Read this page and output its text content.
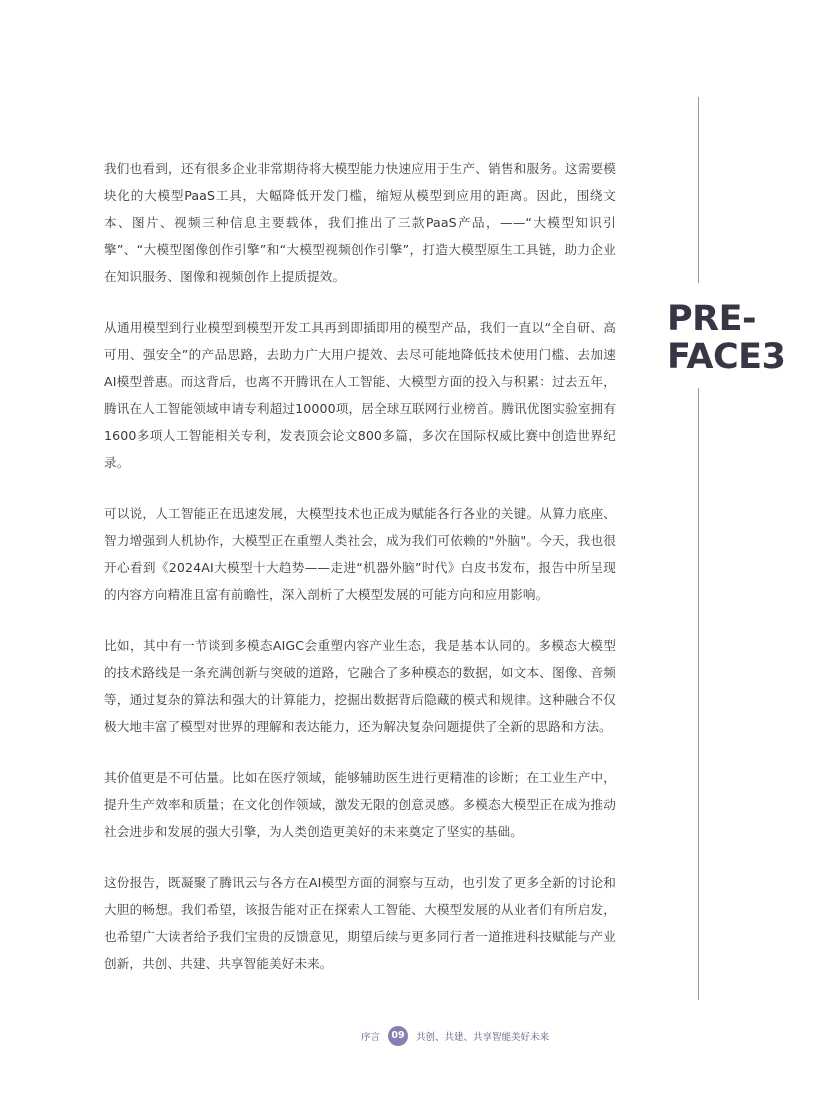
PRE-
FACE3

我们也看到，还有很多企业非常期待将大模型能力快速应用于生产、销售和服务。这需要模块化的大模型PaaS工具，大幅降低开发门槛，缩短从模型到应用的距离。因此，围绕文本、图片、视频三种信息主要载体，我们推出了三款PaaS产品，——“大模型知识引擎”、“大模型图像创作引擎”和“大模型视频创作引擎”，打造大模型原生工具链，助力企业在知识服务、图像和视频创作上提质提效。

从通用模型到行业模型到模型开发工具再到即插即用的模型产品，我们一直以“全自研、高可用、强安全”的产品思路，去助力广大用户提效、去尽可能地降低技术使用门槛、去加速AI模型普惠。而这背后，也离不开腾讯在人工智能、大模型方面的投入与积累：过去五年，腾讯在人工智能领域申请专利超过10000项，居全球互联网行业榜首。腾讯优图实验室拥有1600多项人工智能相关专利，发表顶会论文800多篇，多次在国际权威比赛中创造世界纪录。

可以说，人工智能正在迅速发展，大模型技术也正成为赋能各行各业的关键。从算力底座、智力增强到人机协作，大模型正在重塑人类社会，成为我们可依赖的"外脑"。今天，我也很开心看到《2024AI大模型十大趋势——走进“机器外脑”时代》白皮书发布，报告中所呈现的内容方向精准且富有前瞻性，深入剖析了大模型发展的可能方向和应用影响。

比如，其中有一节谈到多模态AIGC会重塑内容产业生态，我是基本认同的。多模态大模型的技术路线是一条充满创新与突破的道路，它融合了多种模态的数据，如文本、图像、音频等，通过复杂的算法和强大的计算能力，挖掘出数据背后隐藏的模式和规律。这种融合不仅极大地丰富了模型对世界的理解和表达能力，还为解决复杂问题提供了全新的思路和方法。

其价值更是不可估量。比如在医疗领域，能够辅助医生进行更精准的诊断；在工业生产中，提升生产效率和质量；在文化创作领域，激发无限的创意灵感。多模态大模型正在成为推动社会进步和发展的强大引擎，为人类创造更美好的未来奠定了坚实的基础。

这份报告，既凝聚了腾讯云与各方在AI模型方面的洞察与互动，也引发了更多全新的讨论和大胆的畅想。我们希望，该报告能对正在探索人工智能、大模型发展的从业者们有所启发，也希望广大读者给予我们宝贵的反馈意见，期望后续与更多同行者一道推进科技赋能与产业创新，共创、共建、共享智能美好未来。

序言	09	共创、共建、共享智能美好未来
